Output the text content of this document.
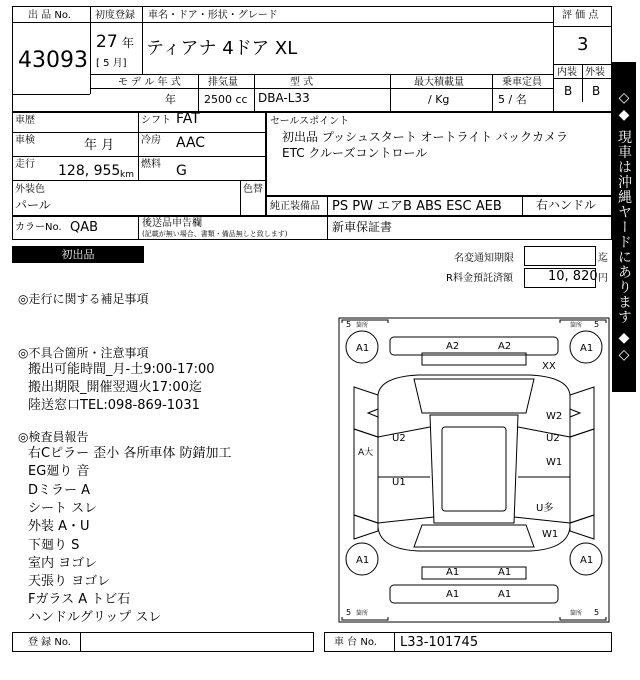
出 品 No.
43093
初度登録
27 年
[ 5 月]
車名・ドア・形状・グレード
ティアナ 4ドア XL
評 価 点
3
内装 外装
B B
モ デ ル 年 式
年
排気量
2500 cc
型 式
DBA-L33
最大積載量
/ Kg
乗車定員
5 / 名
車歴	シフト FAT
車検	年 月	冷房 AAC
走行 128, 955 km
燃料 G
外装色
パール
色替
セールスポイント
初出品 プッシュスタート オートライト バックカメラ
ETC クルーズコントロール
純正装備品 PS PW エアB ABS ESC AEB	右ハンドル
カラーNo. QAB	後送品申告欄
(記載が無い場合、書類・備品無しと致します)	新車保証書
初出品	名変通知期限	迄
R料金預託済額	10, 820 円 ◇◆ 現車は沖縄ヤードにあります ◆◇
◎走行に関する補足事項
◎不具合箇所・注意事項
搬出可能時間_月-土9:00-17:00
搬出期限_開催翌週火17:00迄
陸送窓口TEL:098-869-1031
◎検査員報告
右Cピラー 歪小 各所車体 防錆加工
EG廻り 音
Dミラー A
シート スレ
外装 A・U
下廻り S
室内 ヨゴレ
天張り ヨゴレ
Fガラス A トビ石
ハンドルグリップ スレ
5 箇所	5
箇所
5 箇所	5
箇所
A1	A1
A2	A2
A1	A1
XX
W2
U2	U2
W1
A大
U1
U多
W1
A1	A1
A1	A1
登 録 No.	車 台 No. L33-101745
